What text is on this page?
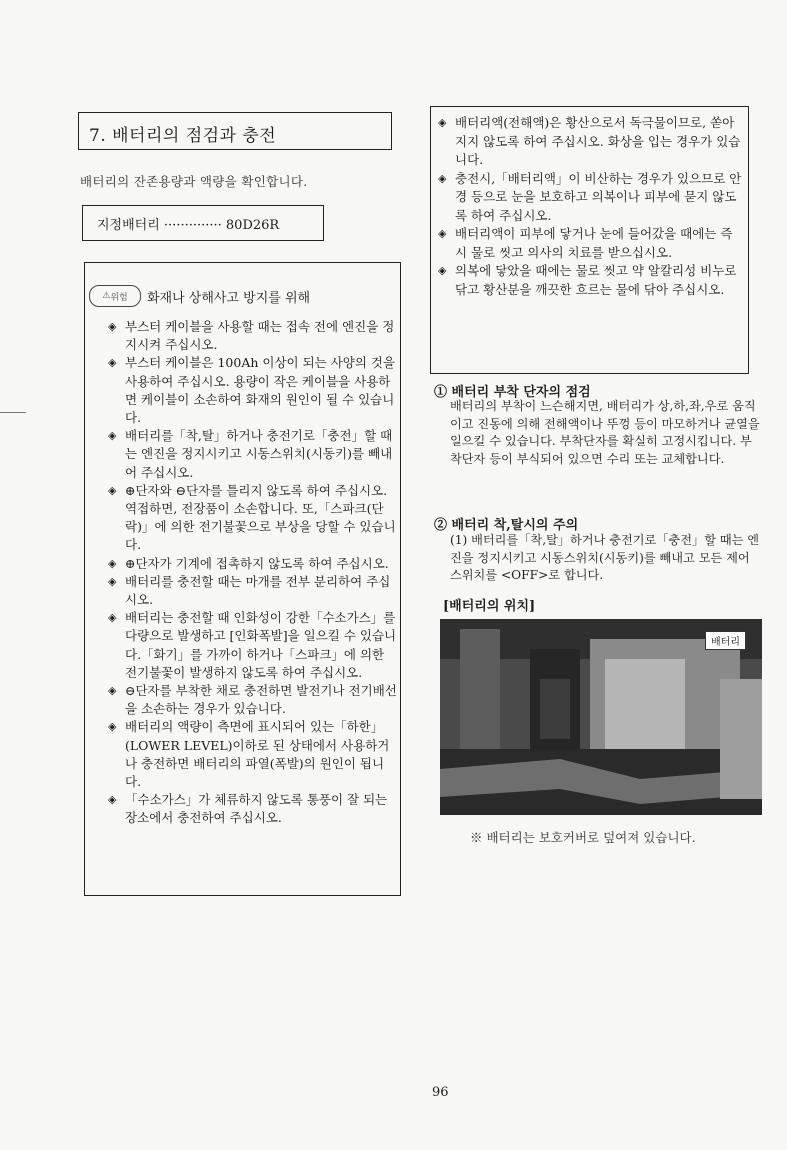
7. 배터리의 점검과 충전
배터리의 잔존용량과 액량을 확인합니다.
지정배터리 ·············· 80D26R
⚠ 위험 화재나 상해사고 방지를 위해
◈ 부스터 케이블을 사용할 때는 접속 전에 엔진을 정지시켜 주십시오.
◈ 부스터 케이블은 100Ah 이상이 되는 사양의 것을 사용하여 주십시오. 용량이 작은 케이블을 사용하면 케이블이 소손하여 화재의 원인이 될 수 있습니다.
◈ 배터리를「착,탈」하거나 충전기로「충전」할 때는 엔진을 정지시키고 시동스위치(시동키)를 빼내어 주십시오.
◈ ⊕단자와 ⊖단자를 틀리지 않도록 하여 주십시오. 역접하면, 전장품이 소손합니다. 또,「스파크(단락)」에 의한 전기불꽃으로 부상을 당할 수 있습니다.
◈ ⊕단자가 기계에 접촉하지 않도록 하여 주십시오.
◈ 배터리를 충전할 때는 마개를 전부 분리하여 주십시오.
◈ 배터리는 충전할 때 인화성이 강한「수소가스」를 다량으로 발생하고 [인화폭발]을 일으킬 수 있습니다.「화기」를 가까이 하거나「스파크」에 의한 전기불꽃이 발생하지 않도록 하여 주십시오.
◈ ⊖단자를 부착한 채로 충전하면 발전기나 전기배선을 소손하는 경우가 있습니다.
◈ 배터리의 액량이 측면에 표시되어 있는「하한」(LOWER LEVEL)이하로 된 상태에서 사용하거나 충전하면 배터리의 파열(폭발)의 원인이 됩니다.
◈ 「수소가스」가 체류하지 않도록 통풍이 잘 되는 장소에서 충전하여 주십시오.
◈ 배터리액(전해액)은 황산으로서 독극물이므로, 쏟아지지 않도록 하여 주십시오. 화상을 입는 경우가 있습니다.
◈ 충전시,「배터리액」이 비산하는 경우가 있으므로 안경 등으로 눈을 보호하고 의복이나 피부에 묻지 않도록 하여 주십시오.
◈ 배터리액이 피부에 닿거나 눈에 들어갔을 때에는 즉시 물로 씻고 의사의 치료를 받으십시오.
◈ 의복에 닿았을 때에는 물로 씻고 약 알칼리성 비누로 닦고 황산분을 깨끗한 흐르는 물에 닦아 주십시오.
① 배터리 부착 단자의 점검
배터리의 부착이 느슨해지면, 배터리가 상,하,좌,우로 움직이고 진동에 의해 전해액이나 뚜껑 등이 마모하거나 균열을 일으킬 수 있습니다. 부착단자를 확실히 고정시킵니다. 부착단자 등이 부식되어 있으면 수리 또는 교체합니다.
② 배터리 착,탈시의 주의
(1) 배터리를「착,탈」하거나 충전기로「충전」할 때는 엔진을 정지시키고 시동스위치(시동키)를 빼내고 모든 제어스위치를 <OFF>로 합니다.
[배터리의 위치]
배터리
※ 배터리는 보호커버로 덮여져 있습니다.
96
